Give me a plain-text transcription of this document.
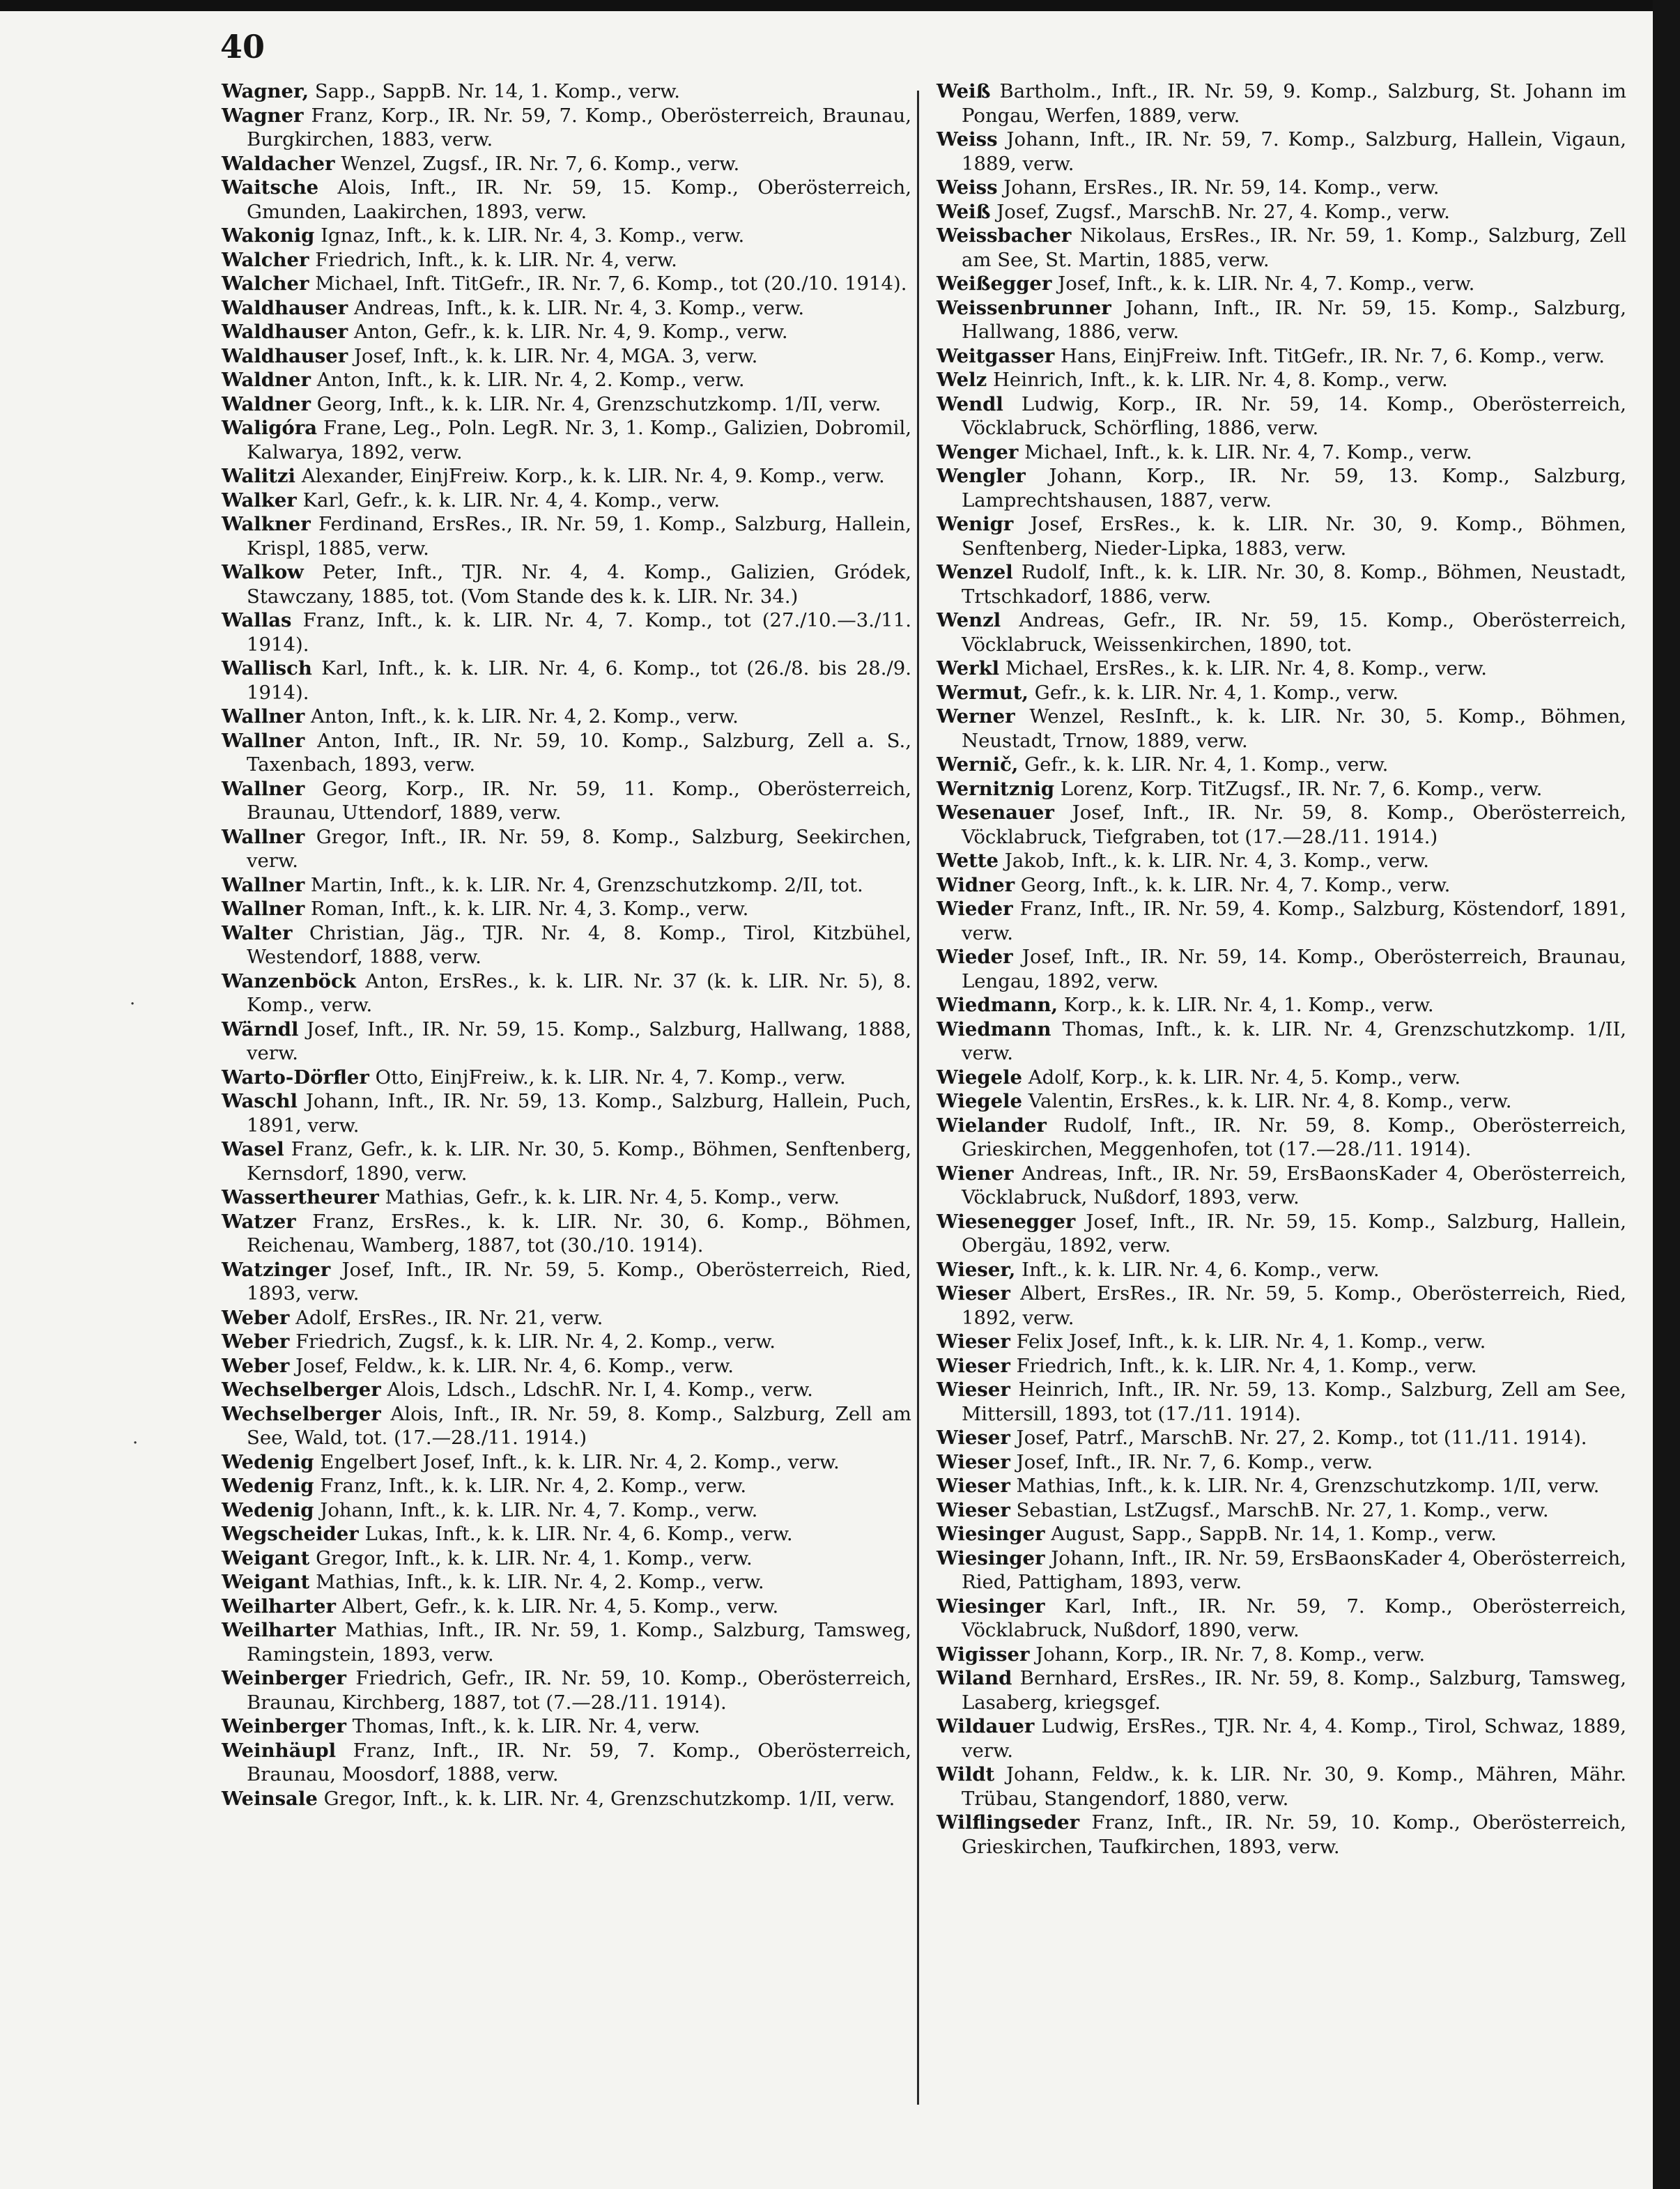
40

Wagner, Sapp., SappB. Nr. 14, 1. Komp., verw.

Wagner Franz, Korp., IR. Nr. 59, 7. Komp., Oberösterreich, Braunau, Burgkirchen, 1883, verw.

Waldacher Wenzel, Zugsf., IR. Nr. 7, 6. Komp., verw.

Waitsche Alois, Inft., IR. Nr. 59, 15. Komp., Oberösterreich, Gmunden, Laakirchen, 1893, verw.

Wakonig Ignaz, Inft., k. k. LIR. Nr. 4, 3. Komp., verw.

Walcher Friedrich, Inft., k. k. LIR. Nr. 4, verw.

Walcher Michael, Inft. TitGefr., IR. Nr. 7, 6. Komp., tot (20./10. 1914).

Waldhauser Andreas, Inft., k. k. LIR. Nr. 4, 3. Komp., verw.

Waldhauser Anton, Gefr., k. k. LIR. Nr. 4, 9. Komp., verw.

Waldhauser Josef, Inft., k. k. LIR. Nr. 4, MGA. 3, verw.

Waldner Anton, Inft., k. k. LIR. Nr. 4, 2. Komp., verw.

Waldner Georg, Inft., k. k. LIR. Nr. 4, Grenzschutzkomp. 1/II, verw.

Waligóra Frane, Leg., Poln. LegR. Nr. 3, 1. Komp., Galizien, Dobromil, Kalwarya, 1892, verw.

Walitzi Alexander, EinjFreiw. Korp., k. k. LIR. Nr. 4, 9. Komp., verw.

Walker Karl, Gefr., k. k. LIR. Nr. 4, 4. Komp., verw.

Walkner Ferdinand, ErsRes., IR. Nr. 59, 1. Komp., Salzburg, Hallein, Krispl, 1885, verw.

Walkow Peter, Inft., TJR. Nr. 4, 4. Komp., Galizien, Gródek, Stawczany, 1885, tot. (Vom Stande des k. k. LIR. Nr. 34.)

Wallas Franz, Inft., k. k. LIR. Nr. 4, 7. Komp., tot (27./10.—3./11. 1914).

Wallisch Karl, Inft., k. k. LIR. Nr. 4, 6. Komp., tot (26./8. bis 28./9. 1914).

Wallner Anton, Inft., k. k. LIR. Nr. 4, 2. Komp., verw.

Wallner Anton, Inft., IR. Nr. 59, 10. Komp., Salzburg, Zell a. S., Taxenbach, 1893, verw.

Wallner Georg, Korp., IR. Nr. 59, 11. Komp., Oberösterreich, Braunau, Uttendorf, 1889, verw.

Wallner Gregor, Inft., IR. Nr. 59, 8. Komp., Salzburg, Seekirchen, verw.

Wallner Martin, Inft., k. k. LIR. Nr. 4, Grenzschutzkomp. 2/II, tot.

Wallner Roman, Inft., k. k. LIR. Nr. 4, 3. Komp., verw.

Walter Christian, Jäg., TJR. Nr. 4, 8. Komp., Tirol, Kitzbühel, Westendorf, 1888, verw.

Wanzenböck Anton, ErsRes., k. k. LIR. Nr. 37 (k. k. LIR. Nr. 5), 8. Komp., verw.

Wärndl Josef, Inft., IR. Nr. 59, 15. Komp., Salzburg, Hallwang, 1888, verw.

Warto-Dörfler Otto, EinjFreiw., k. k. LIR. Nr. 4, 7. Komp., verw.

Waschl Johann, Inft., IR. Nr. 59, 13. Komp., Salzburg, Hallein, Puch, 1891, verw.

Wasel Franz, Gefr., k. k. LIR. Nr. 30, 5. Komp., Böhmen, Senftenberg, Kernsdorf, 1890, verw.

Wassertheurer Mathias, Gefr., k. k. LIR. Nr. 4, 5. Komp., verw.

Watzer Franz, ErsRes., k. k. LIR. Nr. 30, 6. Komp., Böhmen, Reichenau, Wamberg, 1887, tot (30./10. 1914).

Watzinger Josef, Inft., IR. Nr. 59, 5. Komp., Oberösterreich, Ried, 1893, verw.

Weber Adolf, ErsRes., IR. Nr. 21, verw.

Weber Friedrich, Zugsf., k. k. LIR. Nr. 4, 2. Komp., verw.

Weber Josef, Feldw., k. k. LIR. Nr. 4, 6. Komp., verw.

Wechselberger Alois, Ldsch., LdschR. Nr. I, 4. Komp., verw.

Wechselberger Alois, Inft., IR. Nr. 59, 8. Komp., Salzburg, Zell am See, Wald, tot. (17.—28./11. 1914.)

Wedenig Engelbert Josef, Inft., k. k. LIR. Nr. 4, 2. Komp., verw.

Wedenig Franz, Inft., k. k. LIR. Nr. 4, 2. Komp., verw.

Wedenig Johann, Inft., k. k. LIR. Nr. 4, 7. Komp., verw.

Wegscheider Lukas, Inft., k. k. LIR. Nr. 4, 6. Komp., verw.

Weigant Gregor, Inft., k. k. LIR. Nr. 4, 1. Komp., verw.

Weigant Mathias, Inft., k. k. LIR. Nr. 4, 2. Komp., verw.

Weilharter Albert, Gefr., k. k. LIR. Nr. 4, 5. Komp., verw.

Weilharter Mathias, Inft., IR. Nr. 59, 1. Komp., Salzburg, Tamsweg, Ramingstein, 1893, verw.

Weinberger Friedrich, Gefr., IR. Nr. 59, 10. Komp., Oberösterreich, Braunau, Kirchberg, 1887, tot (7.—28./11. 1914).

Weinberger Thomas, Inft., k. k. LIR. Nr. 4, verw.

Weinhäupl Franz, Inft., IR. Nr. 59, 7. Komp., Oberösterreich, Braunau, Moosdorf, 1888, verw.

Weinsale Gregor, Inft., k. k. LIR. Nr. 4, Grenzschutzkomp. 1/II, verw.

Weiß Bartholm., Inft., IR. Nr. 59, 9. Komp., Salzburg, St. Johann im Pongau, Werfen, 1889, verw.

Weiss Johann, Inft., IR. Nr. 59, 7. Komp., Salzburg, Hallein, Vigaun, 1889, verw.

Weiss Johann, ErsRes., IR. Nr. 59, 14. Komp., verw.

Weiß Josef, Zugsf., MarschB. Nr. 27, 4. Komp., verw.

Weissbacher Nikolaus, ErsRes., IR. Nr. 59, 1. Komp., Salzburg, Zell am See, St. Martin, 1885, verw.

Weißegger Josef, Inft., k. k. LIR. Nr. 4, 7. Komp., verw.

Weissenbrunner Johann, Inft., IR. Nr. 59, 15. Komp., Salzburg, Hallwang, 1886, verw.

Weitgasser Hans, EinjFreiw. Inft. TitGefr., IR. Nr. 7, 6. Komp., verw.

Welz Heinrich, Inft., k. k. LIR. Nr. 4, 8. Komp., verw.

Wendl Ludwig, Korp., IR. Nr. 59, 14. Komp., Oberösterreich, Vöcklabruck, Schörfling, 1886, verw.

Wenger Michael, Inft., k. k. LIR. Nr. 4, 7. Komp., verw.

Wengler Johann, Korp., IR. Nr. 59, 13. Komp., Salzburg, Lamprechtshausen, 1887, verw.

Wenigr Josef, ErsRes., k. k. LIR. Nr. 30, 9. Komp., Böhmen, Senftenberg, Nieder-Lipka, 1883, verw.

Wenzel Rudolf, Inft., k. k. LIR. Nr. 30, 8. Komp., Böhmen, Neustadt, Trtschkadorf, 1886, verw.

Wenzl Andreas, Gefr., IR. Nr. 59, 15. Komp., Oberösterreich, Vöcklabruck, Weissenkirchen, 1890, tot.

Werkl Michael, ErsRes., k. k. LIR. Nr. 4, 8. Komp., verw.

Wermut, Gefr., k. k. LIR. Nr. 4, 1. Komp., verw.

Werner Wenzel, ResInft., k. k. LIR. Nr. 30, 5. Komp., Böhmen, Neustadt, Trnow, 1889, verw.

Wernič, Gefr., k. k. LIR. Nr. 4, 1. Komp., verw.

Wernitznig Lorenz, Korp. TitZugsf., IR. Nr. 7, 6. Komp., verw.

Wesenauer Josef, Inft., IR. Nr. 59, 8. Komp., Oberösterreich, Vöcklabruck, Tiefgraben, tot (17.—28./11. 1914.)

Wette Jakob, Inft., k. k. LIR. Nr. 4, 3. Komp., verw.

Widner Georg, Inft., k. k. LIR. Nr. 4, 7. Komp., verw.

Wieder Franz, Inft., IR. Nr. 59, 4. Komp., Salzburg, Köstendorf, 1891, verw.

Wieder Josef, Inft., IR. Nr. 59, 14. Komp., Oberösterreich, Braunau, Lengau, 1892, verw.

Wiedmann, Korp., k. k. LIR. Nr. 4, 1. Komp., verw.

Wiedmann Thomas, Inft., k. k. LIR. Nr. 4, Grenzschutzkomp. 1/II, verw.

Wiegele Adolf, Korp., k. k. LIR. Nr. 4, 5. Komp., verw.

Wiegele Valentin, ErsRes., k. k. LIR. Nr. 4, 8. Komp., verw.

Wielander Rudolf, Inft., IR. Nr. 59, 8. Komp., Oberösterreich, Grieskirchen, Meggenhofen, tot (17.—28./11. 1914).

Wiener Andreas, Inft., IR. Nr. 59, ErsBaonsKader 4, Oberösterreich, Vöcklabruck, Nußdorf, 1893, verw.

Wiesenegger Josef, Inft., IR. Nr. 59, 15. Komp., Salzburg, Hallein, Obergäu, 1892, verw.

Wieser, Inft., k. k. LIR. Nr. 4, 6. Komp., verw.

Wieser Albert, ErsRes., IR. Nr. 59, 5. Komp., Oberösterreich, Ried, 1892, verw.

Wieser Felix Josef, Inft., k. k. LIR. Nr. 4, 1. Komp., verw.

Wieser Friedrich, Inft., k. k. LIR. Nr. 4, 1. Komp., verw.

Wieser Heinrich, Inft., IR. Nr. 59, 13. Komp., Salzburg, Zell am See, Mittersill, 1893, tot (17./11. 1914).

Wieser Josef, Patrf., MarschB. Nr. 27, 2. Komp., tot (11./11. 1914).

Wieser Josef, Inft., IR. Nr. 7, 6. Komp., verw.

Wieser Mathias, Inft., k. k. LIR. Nr. 4, Grenzschutzkomp. 1/II, verw.

Wieser Sebastian, LstZugsf., MarschB. Nr. 27, 1. Komp., verw.

Wiesinger August, Sapp., SappB. Nr. 14, 1. Komp., verw.

Wiesinger Johann, Inft., IR. Nr. 59, ErsBaonsKader 4, Oberösterreich, Ried, Pattigham, 1893, verw.

Wiesinger Karl, Inft., IR. Nr. 59, 7. Komp., Oberösterreich, Vöcklabruck, Nußdorf, 1890, verw.

Wigisser Johann, Korp., IR. Nr. 7, 8. Komp., verw.

Wiland Bernhard, ErsRes., IR. Nr. 59, 8. Komp., Salzburg, Tamsweg, Lasaberg, kriegsgef.

Wildauer Ludwig, ErsRes., TJR. Nr. 4, 4. Komp., Tirol, Schwaz, 1889, verw.

Wildt Johann, Feldw., k. k. LIR. Nr. 30, 9. Komp., Mähren, Mähr. Trübau, Stangendorf, 1880, verw.

Wilflingseder Franz, Inft., IR. Nr. 59, 10. Komp., Oberösterreich, Grieskirchen, Taufkirchen, 1893, verw.

·
·
